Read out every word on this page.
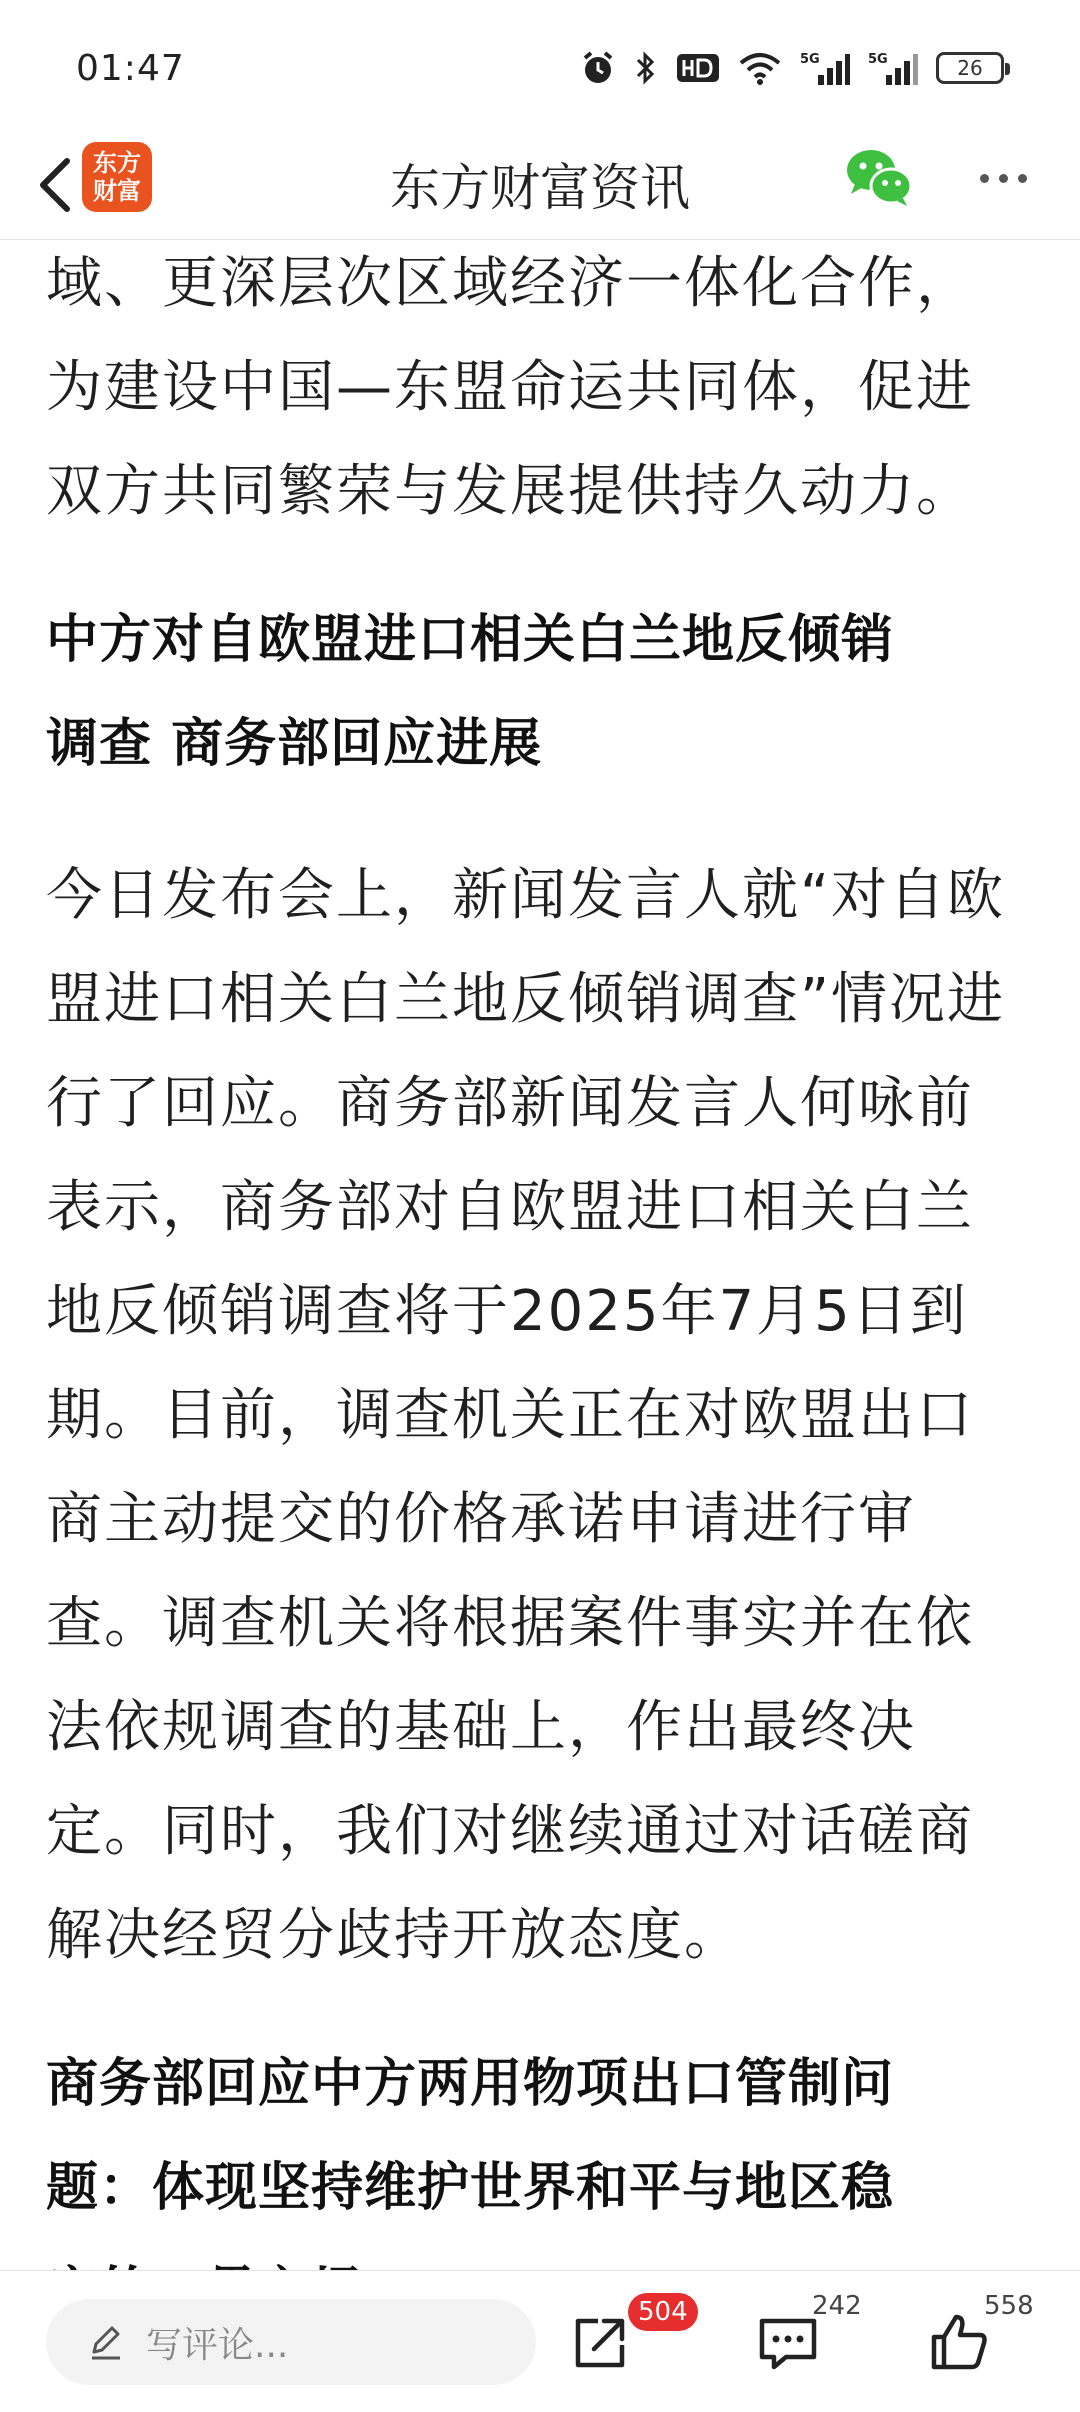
01:47	5G	5G	26
东方
财富	东方财富资讯
域、更深层次区域经济一体化合作，
为建设中国—东盟命运共同体，促进
双方共同繁荣与发展提供持久动力。
中方对自欧盟进口相关白兰地反倾销
调查 商务部回应进展
今日发布会上，新闻发言人就“对自欧
盟进口相关白兰地反倾销调查”情况进
行了回应。商务部新闻发言人何咏前
表示，商务部对自欧盟进口相关白兰
地反倾销调查将于2025年7月5日到
期。目前，调查机关正在对欧盟出口
商主动提交的价格承诺申请进行审
查。调查机关将根据案件事实并在依
法依规调查的基础上，作出最终决
定。同时，我们对继续通过对话磋商
解决经贸分歧持开放态度。
商务部回应中方两用物项出口管制问
题：体现坚持维护世界和平与地区稳
写评论...
504	242	558
